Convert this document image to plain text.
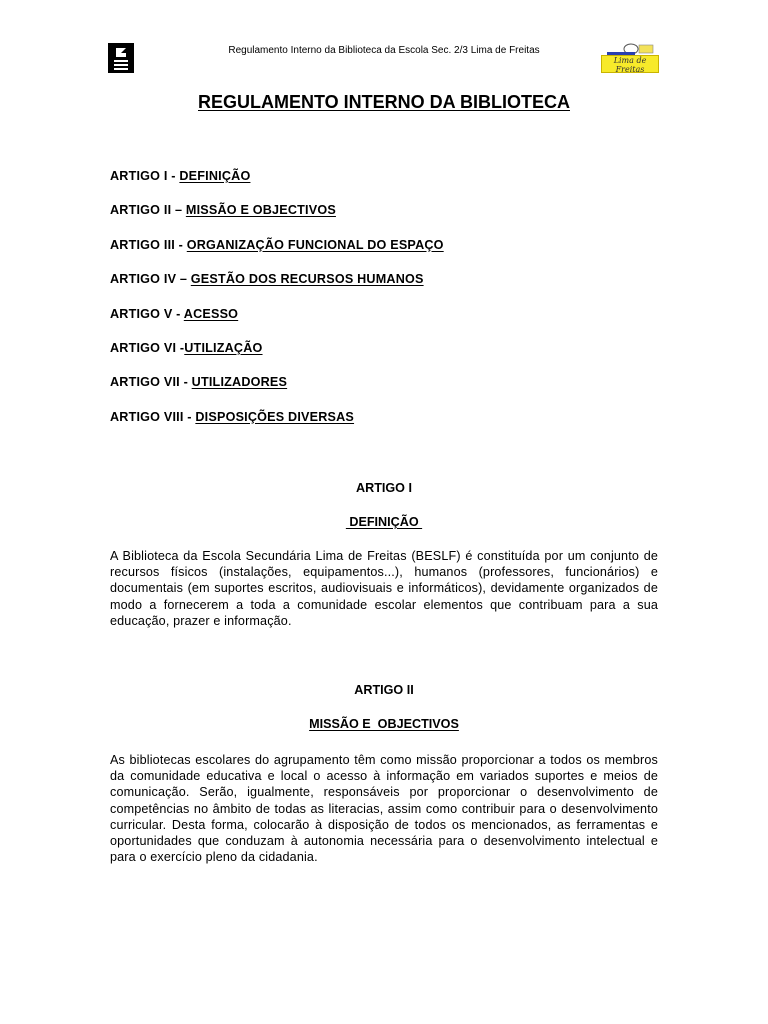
Regulamento Interno da Biblioteca da Escola Sec. 2/3 Lima de Freitas
Lima de Freitas
REGULAMENTO INTERNO DA BIBLIOTECA
ARTIGO I - DEFINIÇÃO
ARTIGO II – MISSÃO E OBJECTIVOS
ARTIGO III - ORGANIZAÇÃO FUNCIONAL DO ESPAÇO
ARTIGO IV – GESTÃO DOS RECURSOS HUMANOS
ARTIGO V - ACESSO
ARTIGO VI -UTILIZAÇÃO
ARTIGO VII - UTILIZADORES
ARTIGO VIII - DISPOSIÇÕES DIVERSAS
ARTIGO I
DEFINIÇÃO
A Biblioteca da Escola Secundária Lima de Freitas (BESLF) é constituída por um conjunto de recursos físicos (instalações, equipamentos...), humanos (professores, funcionários) e documentais (em suportes escritos, audiovisuais e informáticos), devidamente organizados de modo a fornecerem a toda a comunidade escolar elementos que contribuam para a sua educação, prazer e informação.
ARTIGO II
MISSÃO E  OBJECTIVOS
As bibliotecas escolares do agrupamento têm como missão proporcionar a todos os membros da comunidade educativa e local o acesso à informação em variados suportes e meios de comunicação. Serão, igualmente, responsáveis por proporcionar o desenvolvimento de competências no âmbito de todas as literacias, assim como contribuir para o desenvolvimento curricular. Desta forma, colocarão à disposição de todos os mencionados, as ferramentas e oportunidades que conduzam à autonomia necessária para o desenvolvimento intelectual e para o exercício pleno da cidadania.
